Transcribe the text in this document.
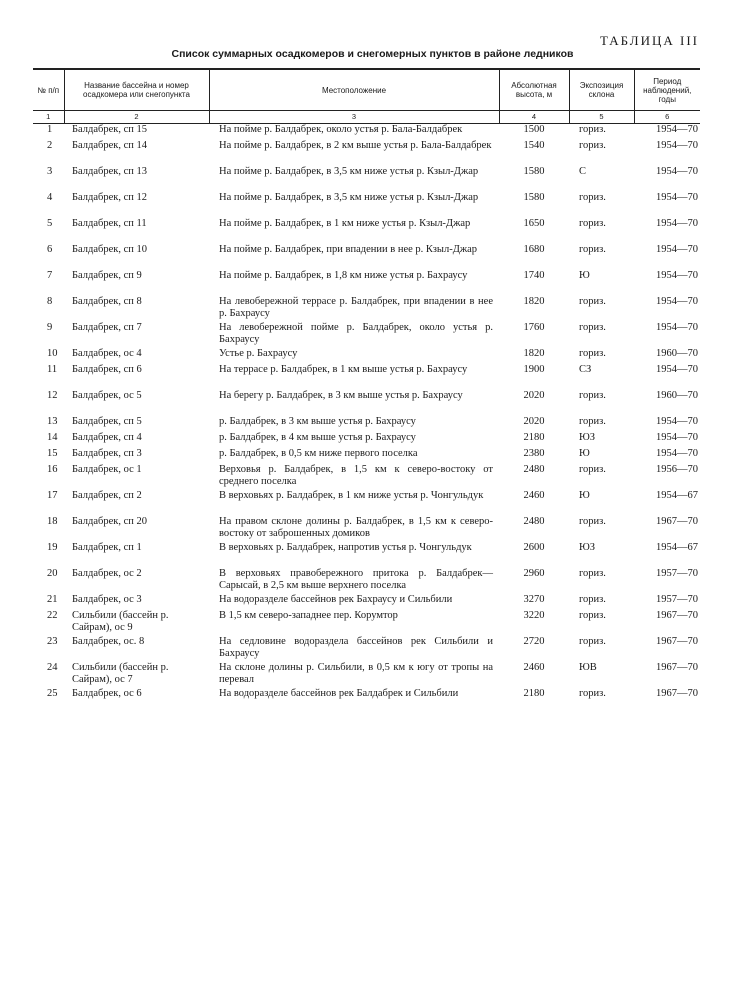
ТАБЛИЦА III
Список суммарных осадкомеров и снегомерных пунктов в районе ледников
№ п/п	Название бассейна и номер осадкомера или снегопункта	Местоположение	Абсолютная высота, м	Экспозиция склона	Период наблюдений, годы
1	2	3	4	5	6
1	Балдабрек, сп 15	На пойме р. Балдабрек, около устья р. Бала-Балдабрек	1500	гориз.	1954—70
2	Балдабрек, сп 14	На пойме р. Балдабрек, в 2 км выше устья р. Бала-Балдабрек	1540	гориз.	1954—70
3	Балдабрек, сп 13	На пойме р. Балдабрек, в 3,5 км ниже устья р. Кзыл-Джар	1580	С	1954—70
4	Балдабрек, сп 12	На пойме р. Балдабрек, в 3,5 км ниже устья р. Кзыл-Джар	1580	гориз.	1954—70
5	Балдабрек, сп 11	На пойме р. Балдабрек, в 1 км ниже устья р. Кзыл-Джар	1650	гориз.	1954—70
6	Балдабрек, сп 10	На пойме р. Балдабрек, при впадении в нее р. Кзыл-Джар	1680	гориз.	1954—70
7	Балдабрек, сп 9	На пойме р. Балдабрек, в 1,8 км ниже устья р. Бахраусу	1740	Ю	1954—70
8	Балдабрек, сп 8	На левобережной террасе р. Балдабрек, при впадении в нее р. Бахраусу	1820	гориз.	1954—70
9	Балдабрек, сп 7	На левобережной пойме р. Балдабрек, около устья р. Бахраусу	1760	гориз.	1954—70
10	Балдабрек, ос 4	Устье р. Бахраусу	1820	гориз.	1960—70
11	Балдабрек, сп 6	На террасе р. Балдабрек, в 1 км выше устья р. Бахраусу	1900	СЗ	1954—70
12	Балдабрек, ос 5	На берегу р. Балдабрек, в 3 км выше устья р. Бахраусу	2020	гориз.	1960—70
13	Балдабрек, сп 5	р. Балдабрек, в 3 км выше устья р. Бахраусу	2020	гориз.	1954—70
14	Балдабрек, сп 4	р. Балдабрек, в 4 км выше устья р. Бахраусу	2180	ЮЗ	1954—70
15	Балдабрек, сп 3	р. Балдабрек, в 0,5 км ниже первого поселка	2380	Ю	1954—70
16	Балдабрек, ос 1	Верховья р. Балдабрек, в 1,5 км к северо-востоку от среднего поселка	2480	гориз.	1956—70
17	Балдабрек, сп 2	В верховьях р. Балдабрек, в 1 км ниже устья р. Чонгульдук	2460	Ю	1954—67
18	Балдабрек, сп 20	На правом склоне долины р. Балдабрек, в 1,5 км к северо-востоку от заброшенных домиков	2480	гориз.	1967—70
19	Балдабрек, сп 1	В верховьях р. Балдабрек, напротив устья р. Чонгульдук	2600	ЮЗ	1954—67
20	Балдабрек, ос 2	В верховьях правобережного притока р. Балдабрек—Сарысай, в 2,5 км выше верхнего поселка	2960	гориз.	1957—70
21	Балдабрек, ос 3	На водоразделе бассейнов рек Бахраусу и Сильбили	3270	гориз.	1957—70
22	Сильбили (бассейн р. Сайрам), ос 9	В 1,5 км северо-западнее пер. Корумтор	3220	гориз.	1967—70
23	Балдабрек, ос. 8	На седловине водораздела бассейнов рек Сильбили и Бахраусу	2720	гориз.	1967—70
24	Сильбили (бассейн р. Сайрам), ос 7	На склоне долины р. Сильбили, в 0,5 км к югу от тропы на перевал	2460	ЮВ	1967—70
25	Балдабрек, ос 6	На водоразделе бассейнов рек Балдабрек и Сильбили	2180	гориз.	1967—70
